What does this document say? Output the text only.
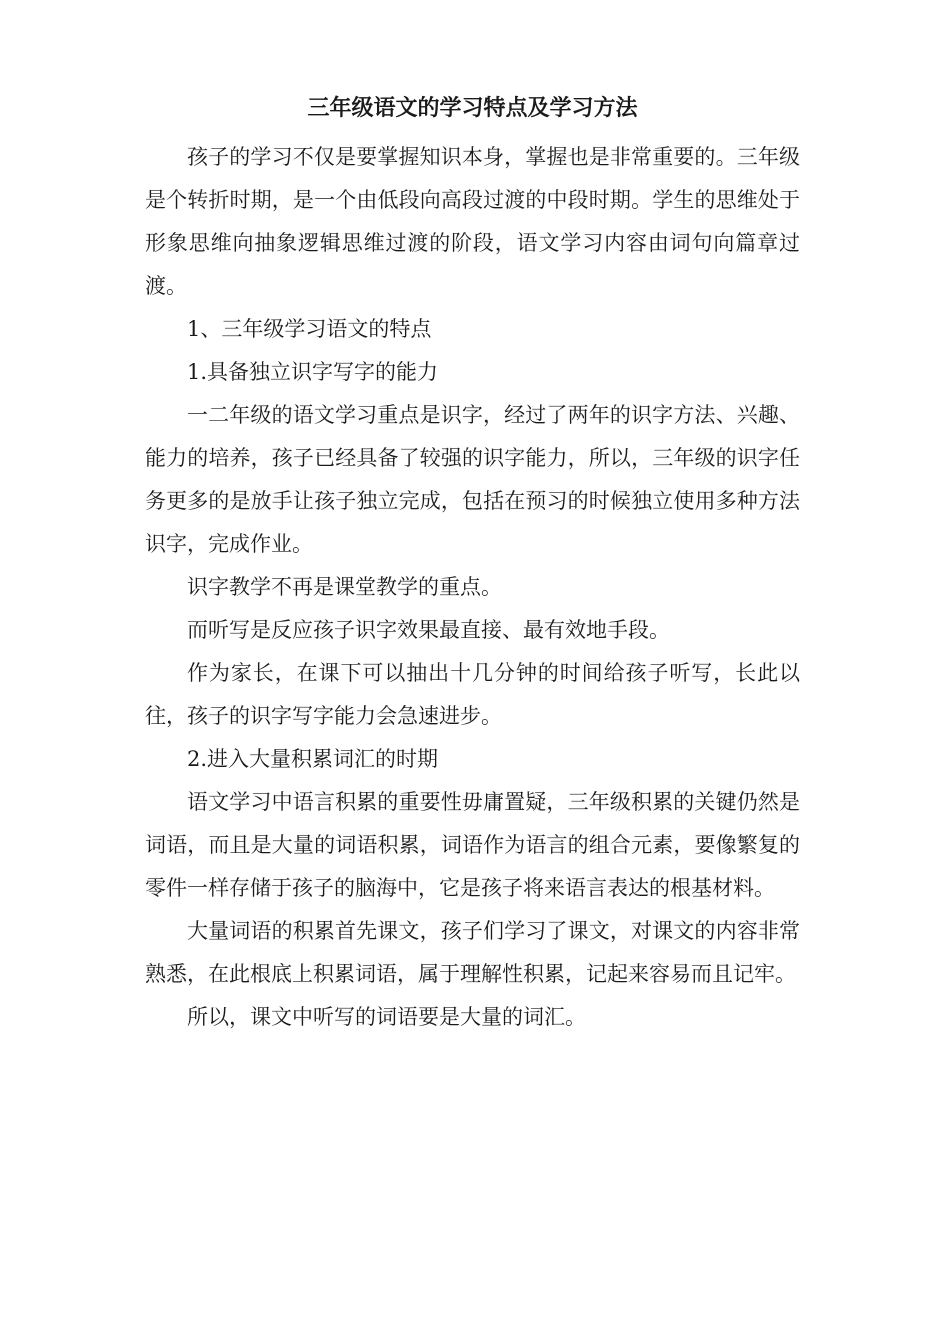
三年级语文的学习特点及学习方法

孩子的学习不仅是要掌握知识本身，掌握也是非常重要的。三年级是个转折时期，是一个由低段向高段过渡的中段时期。学生的思维处于形象思维向抽象逻辑思维过渡的阶段，语文学习内容由词句向篇章过渡。

1、三年级学习语文的特点

1.具备独立识字写字的能力

一二年级的语文学习重点是识字，经过了两年的识字方法、兴趣、能力的培养，孩子已经具备了较强的识字能力，所以，三年级的识字任务更多的是放手让孩子独立完成，包括在预习的时候独立使用多种方法识字，完成作业。

识字教学不再是课堂教学的重点。

而听写是反应孩子识字效果最直接、最有效地手段。

作为家长，在课下可以抽出十几分钟的时间给孩子听写，长此以往，孩子的识字写字能力会急速进步。

2.进入大量积累词汇的时期

语文学习中语言积累的重要性毋庸置疑，三年级积累的关键仍然是词语，而且是大量的词语积累，词语作为语言的组合元素，要像繁复的零件一样存储于孩子的脑海中，它是孩子将来语言表达的根基材料。

大量词语的积累首先课文，孩子们学习了课文，对课文的内容非常熟悉，在此根底上积累词语，属于理解性积累，记起来容易而且记牢。

所以，课文中听写的词语要是大量的词汇。
